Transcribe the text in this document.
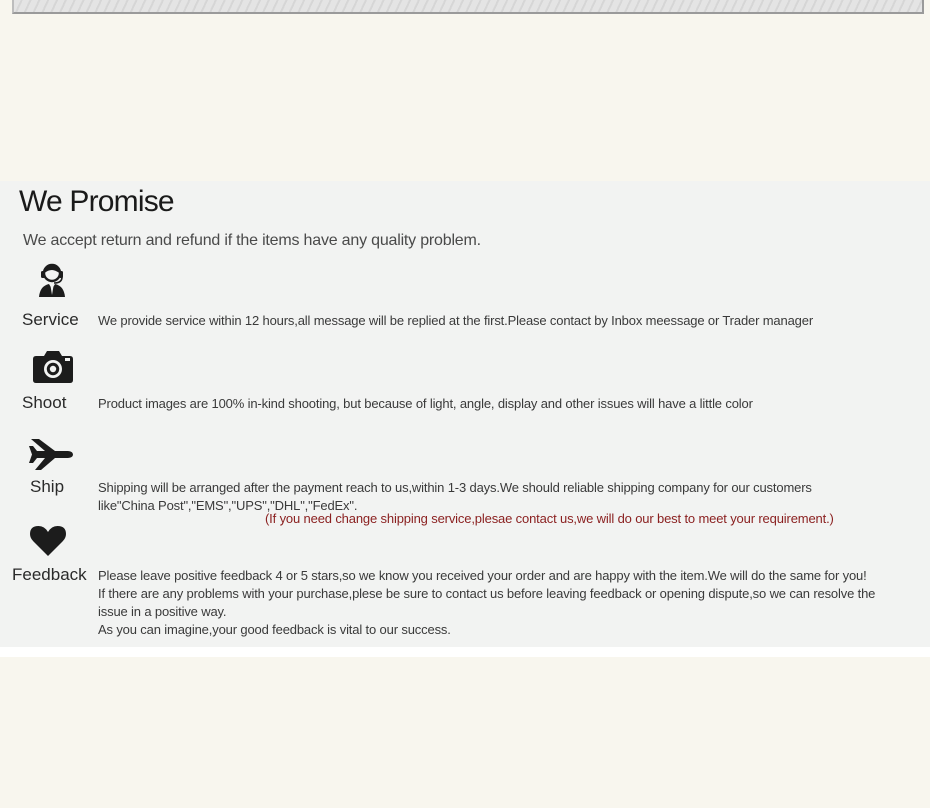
We Promise
We accept return and refund if the items have any quality problem.
Service We provide service within 12 hours,all message will be replied at the first.Please contact by Inbox meessage or Trader manager
Shoot Product images are 100% in-kind shooting, but because of light, angle, display and other issues will have a little color
Ship	Shipping will be arranged after the payment reach to us,within 1-3 days.We should reliable shipping company for our customers
like"China Post","EMS","UPS","DHL","FedEx".
(If you need change shipping service,plesae contact us,we will do our best to meet your requirement.)
Feedback Please leave positive feedback 4 or 5 stars,so we know you received your order and are happy with the item.We will do the same for you!
If there are any problems with your purchase,plese be sure to contact us before leaving feedback or opening dispute,so we can resolve the
issue in a positive way.
As you can imagine,your good feedback is vital to our success.
